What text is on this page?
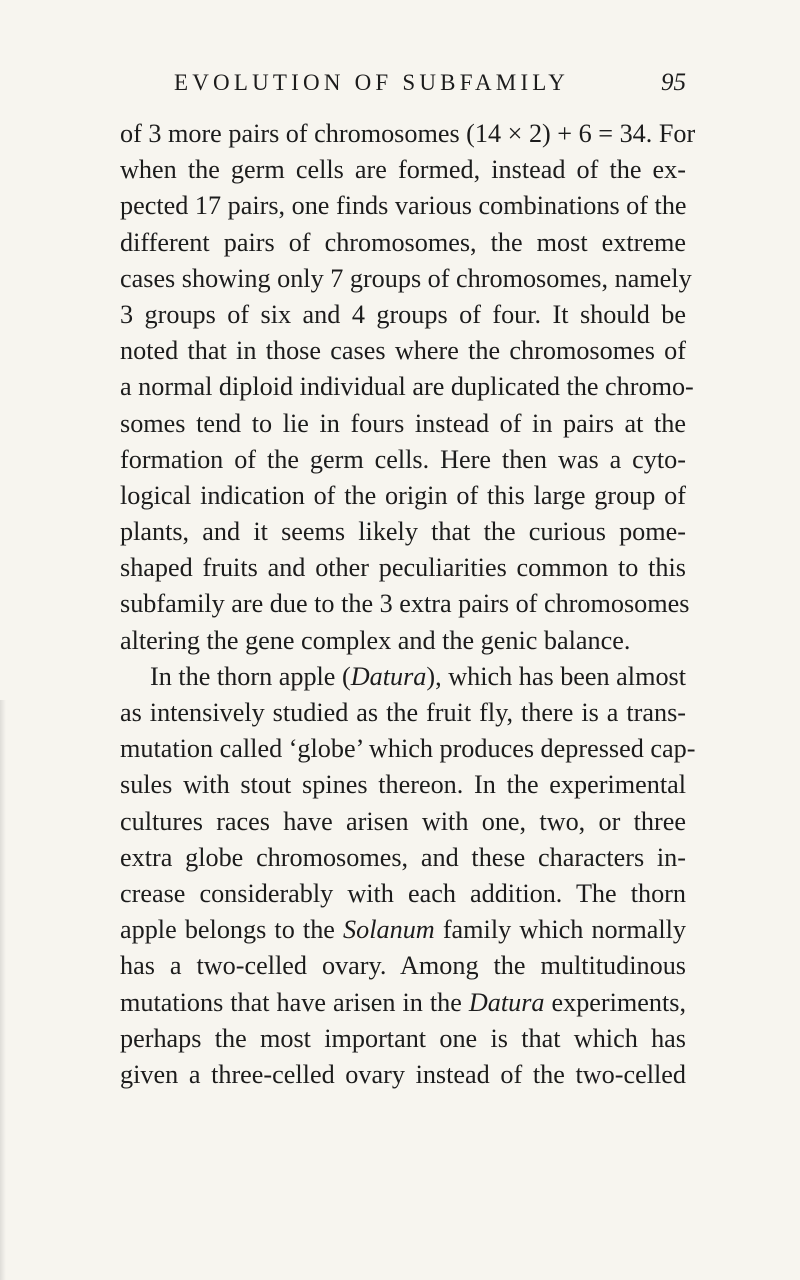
EVOLUTION OF SUBFAMILY	95
of 3 more pairs of chromosomes (14 × 2) + 6 = 34. For
when the germ cells are formed, instead of the ex-
pected 17 pairs, one finds various combinations of the
different pairs of chromosomes, the most extreme
cases showing only 7 groups of chromosomes, namely
3 groups of six and 4 groups of four. It should be
noted that in those cases where the chromosomes of
a normal diploid individual are duplicated the chromo-
somes tend to lie in fours instead of in pairs at the
formation of the germ cells. Here then was a cyto-
logical indication of the origin of this large group of
plants, and it seems likely that the curious pome-
shaped fruits and other peculiarities common to this
subfamily are due to the 3 extra pairs of chromosomes
altering the gene complex and the genic balance.
In the thorn apple (Datura), which has been almost
as intensively studied as the fruit fly, there is a trans-
mutation called ‘globe’ which produces depressed cap-
sules with stout spines thereon. In the experimental
cultures races have arisen with one, two, or three
extra globe chromosomes, and these characters in-
crease considerably with each addition. The thorn
apple belongs to the Solanum family which normally
has a two-celled ovary. Among the multitudinous
mutations that have arisen in the Datura experiments,
perhaps the most important one is that which has
given a three-celled ovary instead of the two-celled
